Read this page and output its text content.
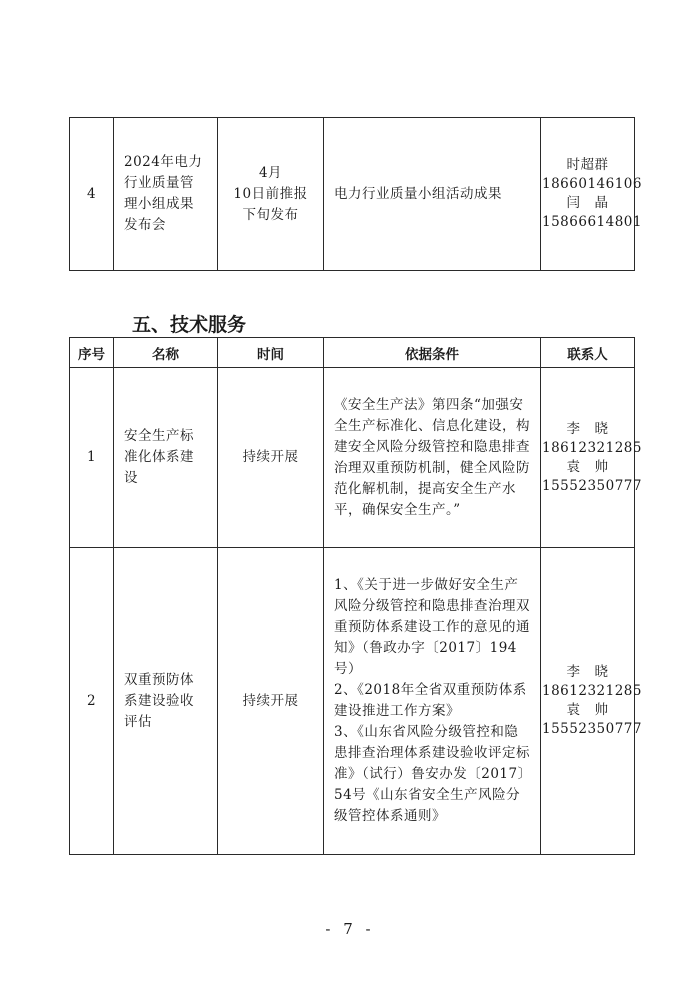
4	2024年电力行业质量管理小组成果发布会	4月
10日前推报
下旬发布	电力行业质量小组活动成果	时超群
18660146106
闫　晶
15866614801
五、技术服务
序号	名称	时间	依据条件	联系人
1	安全生产标准化体系建设	持续开展	《安全生产法》第四条“加强安全生产标准化、信息化建设，构建安全风险分级管控和隐患排查治理双重预防机制，健全风险防范化解机制，提高安全生产水平，确保安全生产。”	李　晓
18612321285
袁　帅
15552350777
2	双重预防体系建设验收评估	持续开展	1、《关于进一步做好安全生产风险分级管控和隐患排查治理双重预防体系建设工作的意见的通知》（鲁政办字〔2017〕194号）
2、《2018年全省双重预防体系建设推进工作方案》
3、《山东省风险分级管控和隐患排查治理体系建设验收评定标准》（试行）鲁安办发〔2017〕54号《山东省安全生产风险分级管控体系通则》	李　晓
18612321285
袁　帅
15552350777
- 7 -
